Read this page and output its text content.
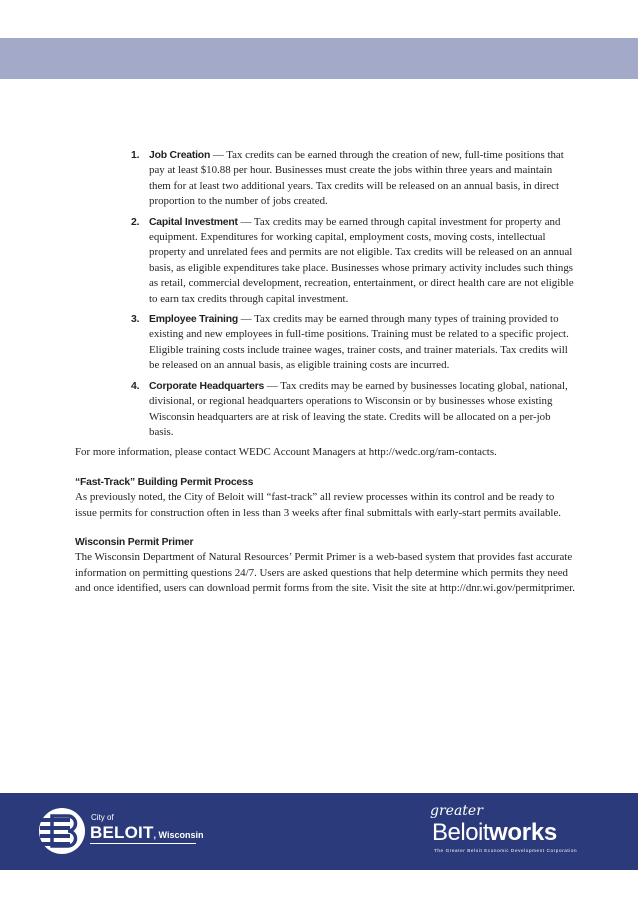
1. Job Creation — Tax credits can be earned through the creation of new, full-time positions that pay at least $10.88 per hour. Businesses must create the jobs within three years and maintain them for at least two additional years. Tax credits will be released on an annual basis, in direct proportion to the number of jobs created.
2. Capital Investment — Tax credits may be earned through capital investment for property and equipment. Expenditures for working capital, employment costs, moving costs, intellectual property and unrelated fees and permits are not eligible. Tax credits will be released on an annual basis, as eligible expenditures take place. Businesses whose primary activity includes such things as retail, commercial development, recreation, entertainment, or direct health care are not eligible to earn tax credits through capital investment.
3. Employee Training — Tax credits may be earned through many types of training provided to existing and new employees in full-time positions. Training must be related to a specific project. Eligible training costs include trainee wages, trainer costs, and trainer materials. Tax credits will be released on an annual basis, as eligible training costs are incurred.
4. Corporate Headquarters — Tax credits may be earned by businesses locating global, national, divisional, or regional headquarters operations to Wisconsin or by businesses whose existing Wisconsin headquarters are at risk of leaving the state. Credits will be allocated on a per-job basis.

For more information, please contact WEDC Account Managers at http://wedc.org/ram-contacts.

“Fast-Track” Building Permit Process

As previously noted, the City of Beloit will “fast-track” all review processes within its control and be ready to issue permits for construction often in less than 3 weeks after final submittals with early-start permits available.

Wisconsin Permit Primer

The Wisconsin Department of Natural Resources’ Permit Primer is a web-based system that provides fast accurate information on permitting questions 24/7. Users are asked questions that help determine which permits they need and once identified, users can download permit forms from the site. Visit the site at http://dnr.wi.gov/permitprimer.

City of
BELOIT, Wisconsin
greater
Beloitworks
The Greater Beloit Economic Development Corporation
